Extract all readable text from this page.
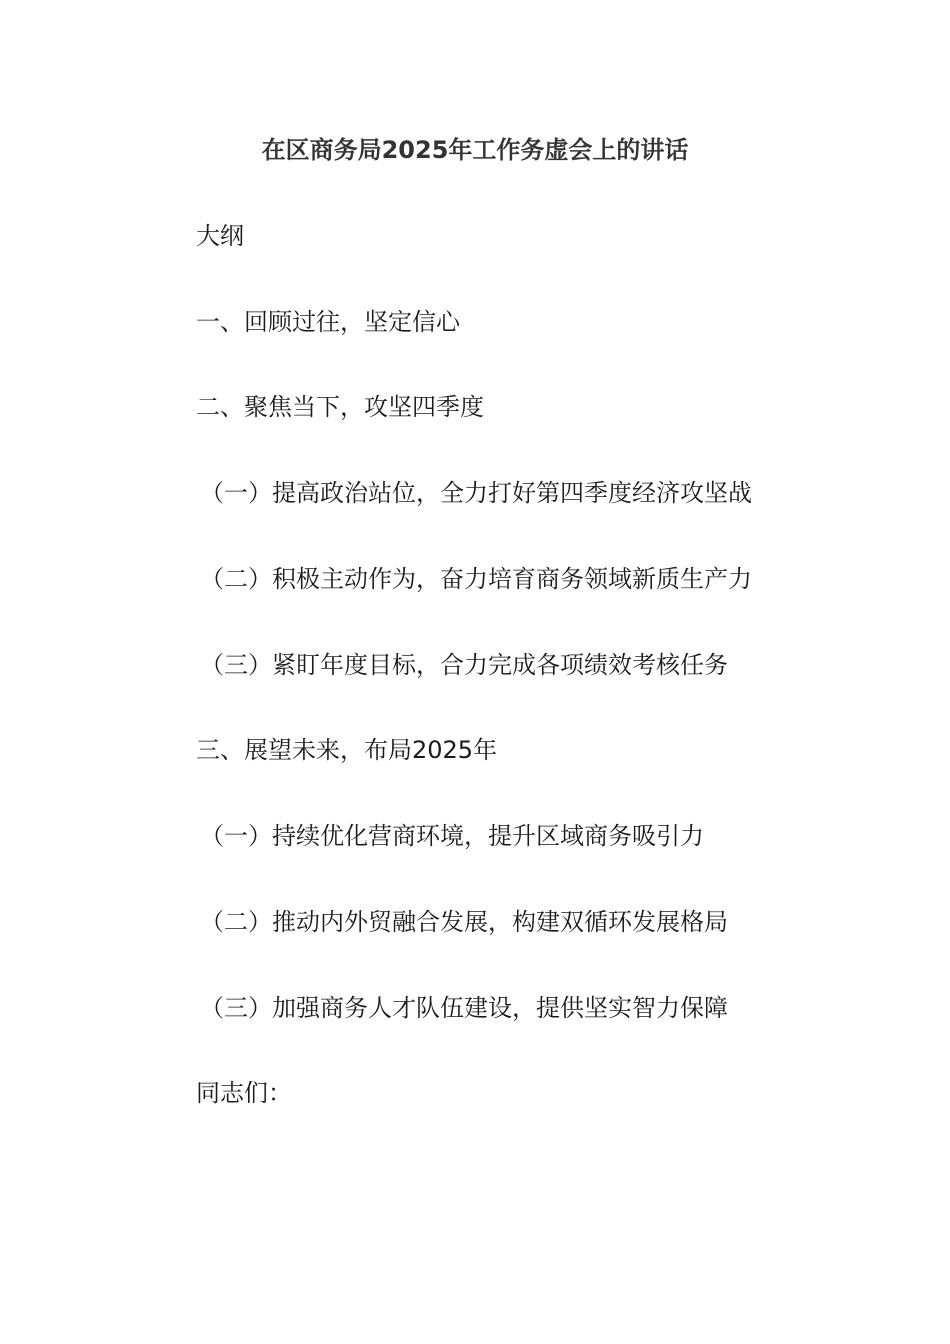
在区商务局2025年工作务虚会上的讲话
大纲
一、回顾过往，坚定信心
二、聚焦当下，攻坚四季度
（一）提高政治站位，全力打好第四季度经济攻坚战
（二）积极主动作为，奋力培育商务领域新质生产力
（三）紧盯年度目标，合力完成各项绩效考核任务
三、展望未来，布局2025年
（一）持续优化营商环境，提升区域商务吸引力
（二）推动内外贸融合发展，构建双循环发展格局
（三）加强商务人才队伍建设，提供坚实智力保障
同志们：
